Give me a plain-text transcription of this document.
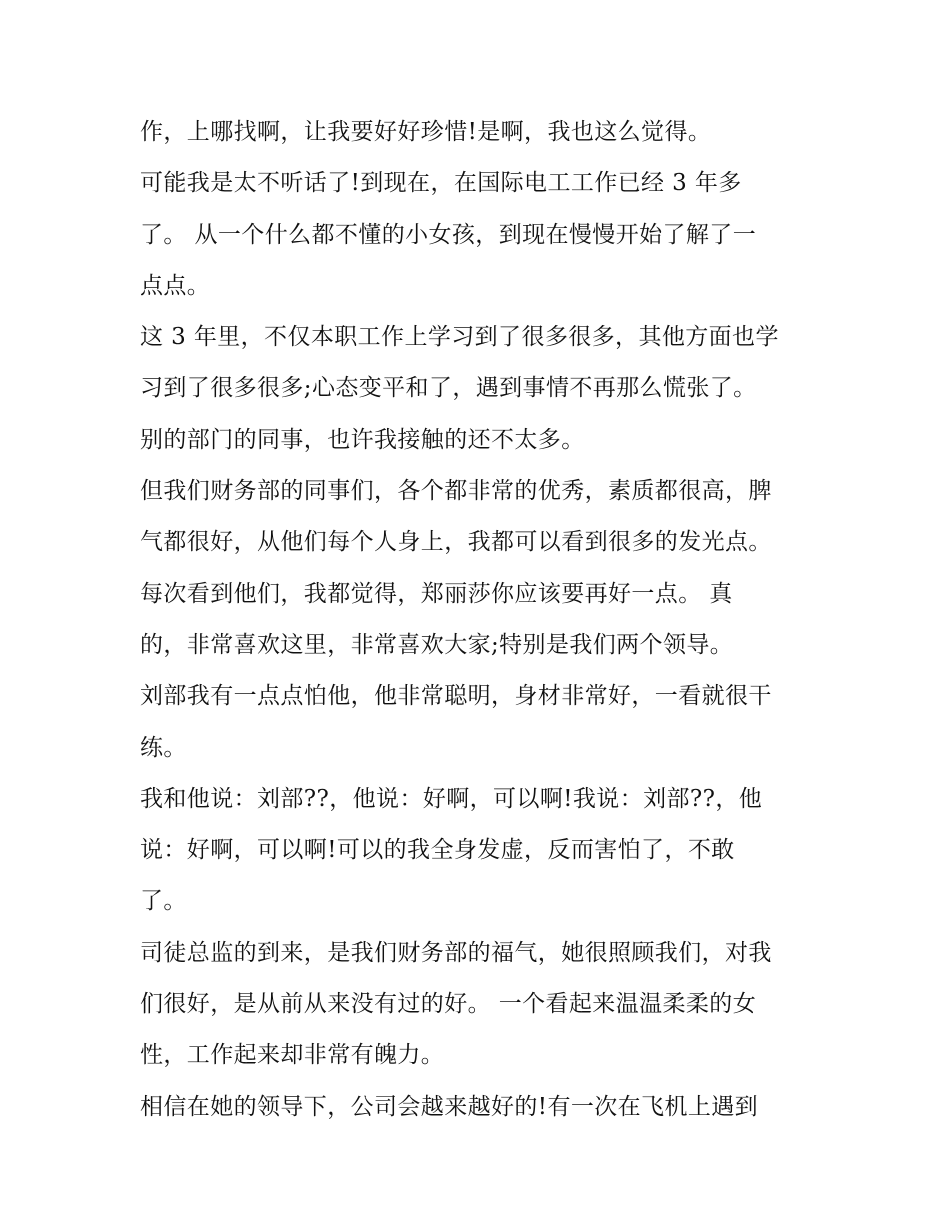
作，上哪找啊，让我要好好珍惜!是啊，我也这么觉得。
可能我是太不听话了!到现在，在国际电工工作已经 3 年多
了。 从一个什么都不懂的小女孩，到现在慢慢开始了解了一
点点。
这 3 年里，不仅本职工作上学习到了很多很多，其他方面也学
习到了很多很多;心态变平和了，遇到事情不再那么慌张了。
别的部门的同事，也许我接触的还不太多。
但我们财务部的同事们，各个都非常的优秀，素质都很高，脾
气都很好，从他们每个人身上，我都可以看到很多的发光点。
每次看到他们，我都觉得，郑丽莎你应该要再好一点。 真
的，非常喜欢这里，非常喜欢大家;特别是我们两个领导。
刘部我有一点点怕他，他非常聪明，身材非常好，一看就很干
练。
我和他说：刘部??，他说：好啊，可以啊!我说：刘部??，他
说：好啊，可以啊!可以的我全身发虚，反而害怕了，不敢
了。
司徒总监的到来，是我们财务部的福气，她很照顾我们，对我
们很好，是从前从来没有过的好。 一个看起来温温柔柔的女
性，工作起来却非常有魄力。
相信在她的领导下，公司会越来越好的!有一次在飞机上遇到
